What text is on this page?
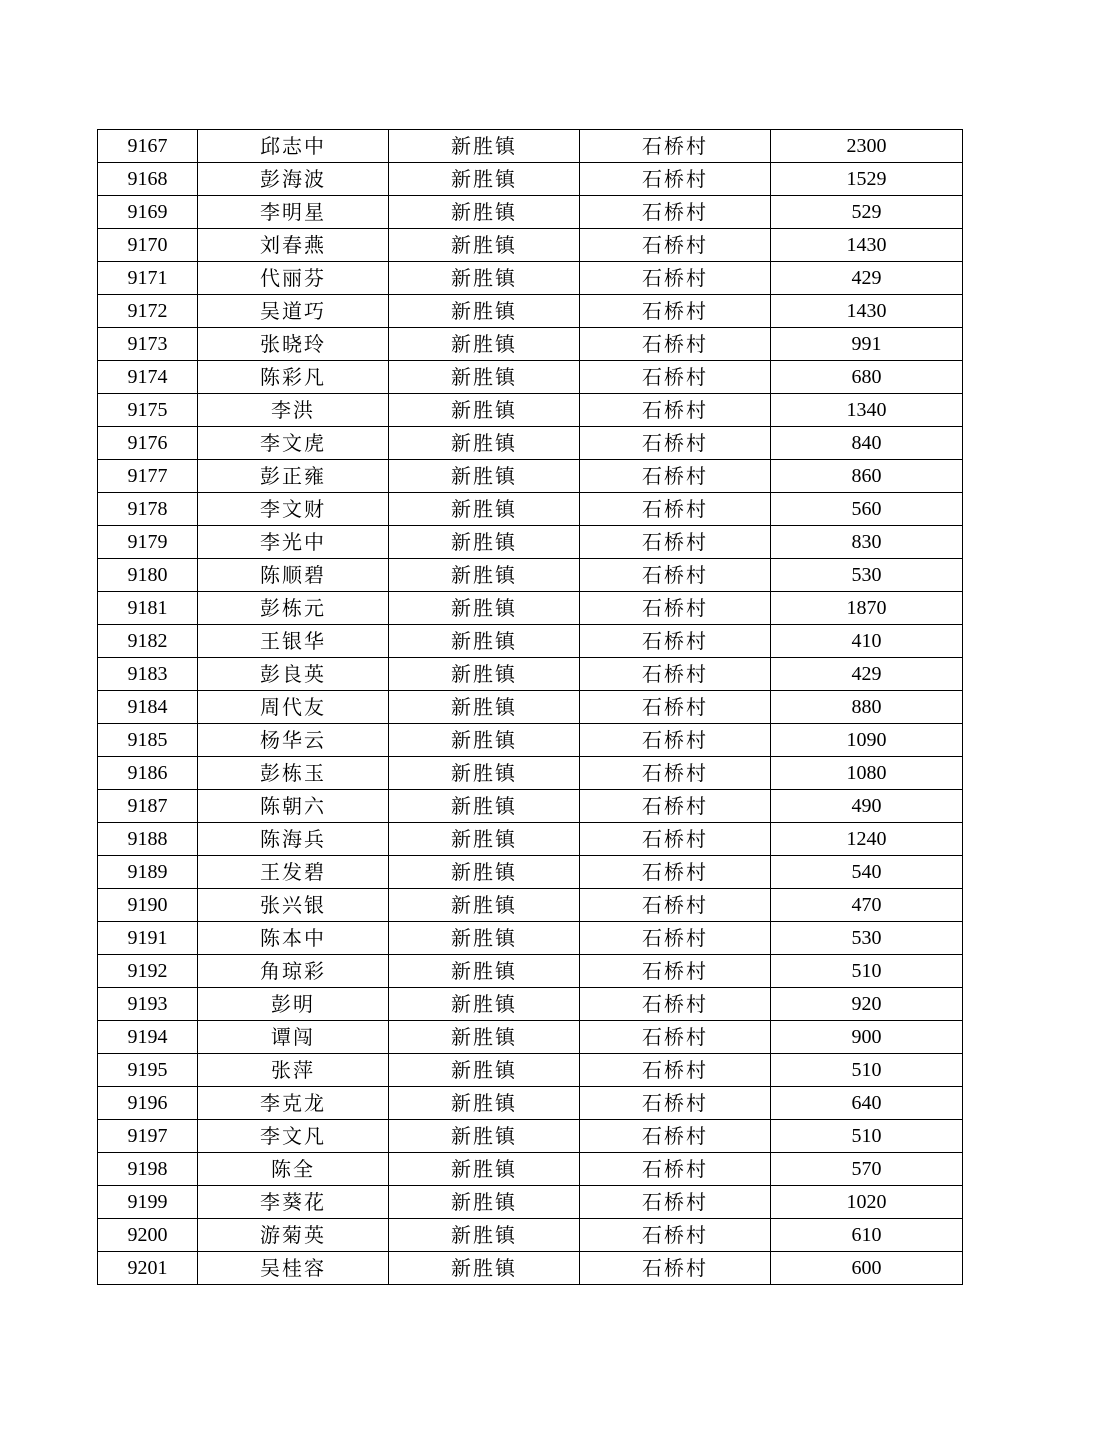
9167	邱志中	新胜镇	石桥村	2300
9168	彭海波	新胜镇	石桥村	1529
9169	李明星	新胜镇	石桥村	529
9170	刘春燕	新胜镇	石桥村	1430
9171	代丽芬	新胜镇	石桥村	429
9172	吴道巧	新胜镇	石桥村	1430
9173	张晓玲	新胜镇	石桥村	991
9174	陈彩凡	新胜镇	石桥村	680
9175	李洪	新胜镇	石桥村	1340
9176	李文虎	新胜镇	石桥村	840
9177	彭正雍	新胜镇	石桥村	860
9178	李文财	新胜镇	石桥村	560
9179	李光中	新胜镇	石桥村	830
9180	陈顺碧	新胜镇	石桥村	530
9181	彭栋元	新胜镇	石桥村	1870
9182	王银华	新胜镇	石桥村	410
9183	彭良英	新胜镇	石桥村	429
9184	周代友	新胜镇	石桥村	880
9185	杨华云	新胜镇	石桥村	1090
9186	彭栋玉	新胜镇	石桥村	1080
9187	陈朝六	新胜镇	石桥村	490
9188	陈海兵	新胜镇	石桥村	1240
9189	王发碧	新胜镇	石桥村	540
9190	张兴银	新胜镇	石桥村	470
9191	陈本中	新胜镇	石桥村	530
9192	角琼彩	新胜镇	石桥村	510
9193	彭明	新胜镇	石桥村	920
9194	谭闯	新胜镇	石桥村	900
9195	张萍	新胜镇	石桥村	510
9196	李克龙	新胜镇	石桥村	640
9197	李文凡	新胜镇	石桥村	510
9198	陈全	新胜镇	石桥村	570
9199	李葵花	新胜镇	石桥村	1020
9200	游菊英	新胜镇	石桥村	610
9201	吴桂容	新胜镇	石桥村	600
